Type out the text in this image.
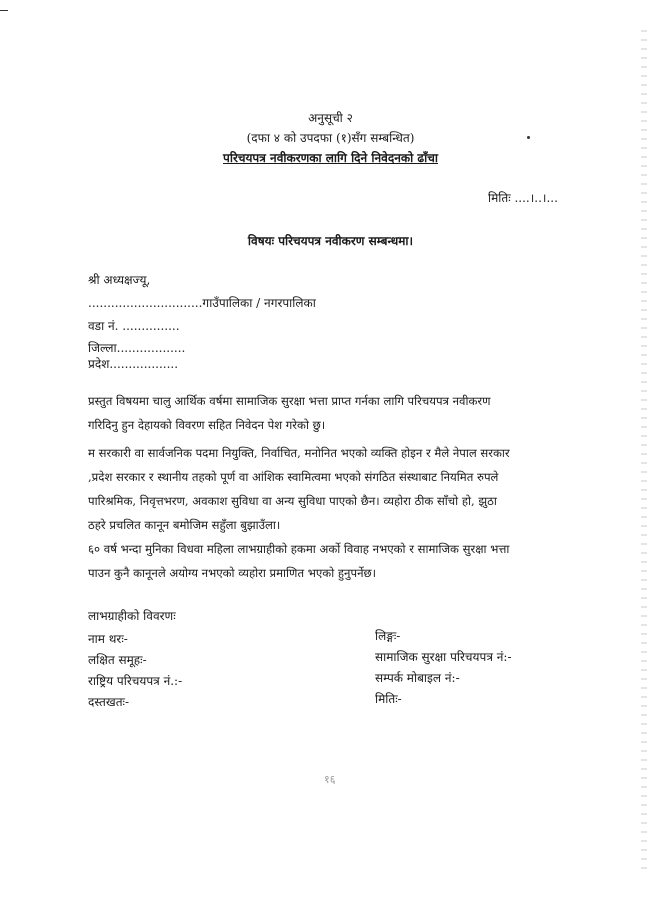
अनुसूची २
(दफा ४ को उपदफा (१)सँग सम्बन्धित)
परिचयपत्र नवीकरणका लागि दिने निवेदनको ढाँचा
मितिः ....।..।...
विषयः परिचयपत्र नवीकरण सम्बन्धमा।
श्री अध्यक्षज्यू,
..............................गाउँपालिका / नगरपालिका
वडा नं. ...............
जिल्ला..................
प्रदेश..................
प्रस्तुत विषयमा चालु आर्थिक वर्षमा सामाजिक सुरक्षा भत्ता प्राप्त गर्नका लागि परिचयपत्र नवीकरण
गरिदिनु हुन देहायको विवरण सहित निवेदन पेश गरेको छु।
म सरकारी वा सार्वजनिक पदमा नियुक्ति, निर्वाचित, मनोनित भएको व्यक्ति होइन र मैले नेपाल सरकार
,प्रदेश सरकार र स्थानीय तहको पूर्ण वा आंशिक स्वामित्वमा भएको संगठित संस्थाबाट नियमित रुपले
पारिश्रमिक, निवृत्तभरण, अवकाश सुविधा वा अन्य सुविधा पाएको छैन। व्यहोरा ठीक साँचो हो, झुठा
ठहरे प्रचलित कानून बमोजिम सहुँला बुझाउँला।
६० वर्ष भन्दा मुनिका विधवा महिला लाभग्राहीको हकमा अर्को विवाह नभएको र सामाजिक सुरक्षा भत्ता
पाउन कुनै कानूनले अयोग्य नभएको व्यहोरा प्रमाणित भएको हुनुपर्नेछ।
लाभग्राहीको विवरणः
नाम थरः-
लक्षित समूहः-
राष्ट्रिय परिचयपत्र नं.:-
दस्तखतः-
लिङ्गः-
सामाजिक सुरक्षा परिचयपत्र नं:-
सम्पर्क मोबाइल नं:-
मितिः-
१६
